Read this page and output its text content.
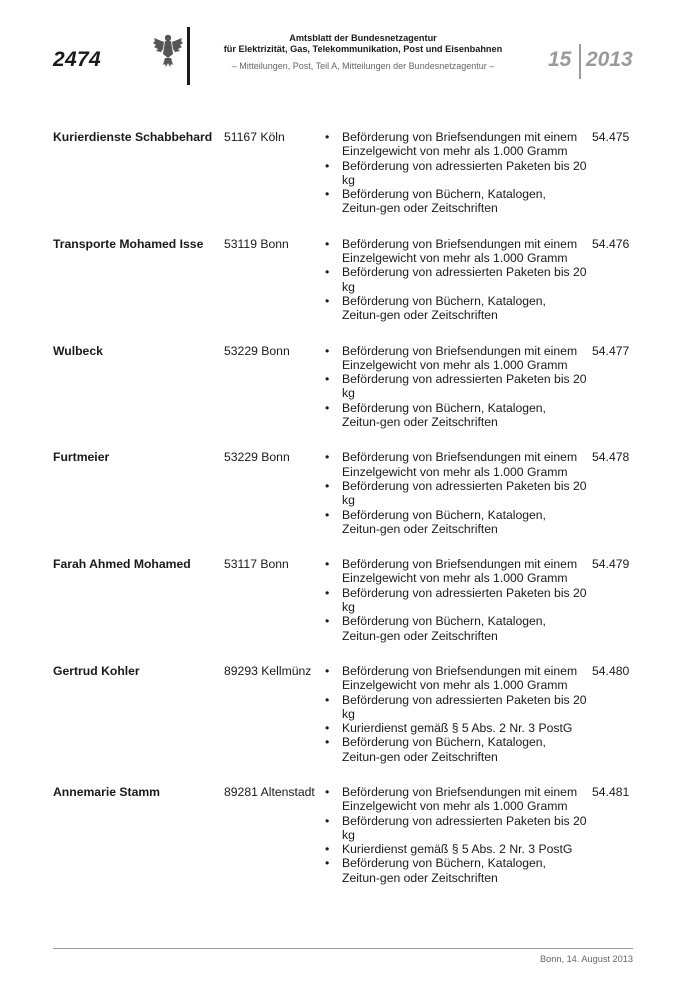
2474
Amtsblatt der Bundesnetzagentur
für Elektrizität, Gas, Telekommunikation, Post und Eisenbahnen
– Mitteilungen, Post, Teil A, Mitteilungen der Bundesnetzagentur –	15 2013
Kurierdienste Schabbehard 51167 Köln	54.475
• Beförderung von Briefsendungen mit einem Einzelgewicht von mehr als 1.000 Gramm
• Beförderung von adressierten Paketen bis 20 kg
• Beförderung von Büchern, Katalogen, Zeitun-gen oder Zeitschriften
Transporte Mohamed Isse 53119 Bonn	54.476
• Beförderung von Briefsendungen mit einem Einzelgewicht von mehr als 1.000 Gramm
• Beförderung von adressierten Paketen bis 20 kg
• Beförderung von Büchern, Katalogen, Zeitun-gen oder Zeitschriften
Wulbeck	53229 Bonn	54.477
• Beförderung von Briefsendungen mit einem Einzelgewicht von mehr als 1.000 Gramm
• Beförderung von adressierten Paketen bis 20 kg
• Beförderung von Büchern, Katalogen, Zeitun-gen oder Zeitschriften
Furtmeier	53229 Bonn	54.478
• Beförderung von Briefsendungen mit einem Einzelgewicht von mehr als 1.000 Gramm
• Beförderung von adressierten Paketen bis 20 kg
• Beförderung von Büchern, Katalogen, Zeitun-gen oder Zeitschriften
Farah Ahmed Mohamed	53117 Bonn	54.479
• Beförderung von Briefsendungen mit einem Einzelgewicht von mehr als 1.000 Gramm
• Beförderung von adressierten Paketen bis 20 kg
• Beförderung von Büchern, Katalogen, Zeitun-gen oder Zeitschriften
Gertrud Kohler	89293 Kellmünz	54.480
• Beförderung von Briefsendungen mit einem Einzelgewicht von mehr als 1.000 Gramm
• Beförderung von adressierten Paketen bis 20 kg
• Kurierdienst gemäß § 5 Abs. 2 Nr. 3 PostG
• Beförderung von Büchern, Katalogen, Zeitun-gen oder Zeitschriften
Annemarie Stamm	89281 Altenstadt	54.481
• Beförderung von Briefsendungen mit einem Einzelgewicht von mehr als 1.000 Gramm
• Beförderung von adressierten Paketen bis 20 kg
• Kurierdienst gemäß § 5 Abs. 2 Nr. 3 PostG
• Beförderung von Büchern, Katalogen, Zeitun-gen oder Zeitschriften
Bonn, 14. August 2013
